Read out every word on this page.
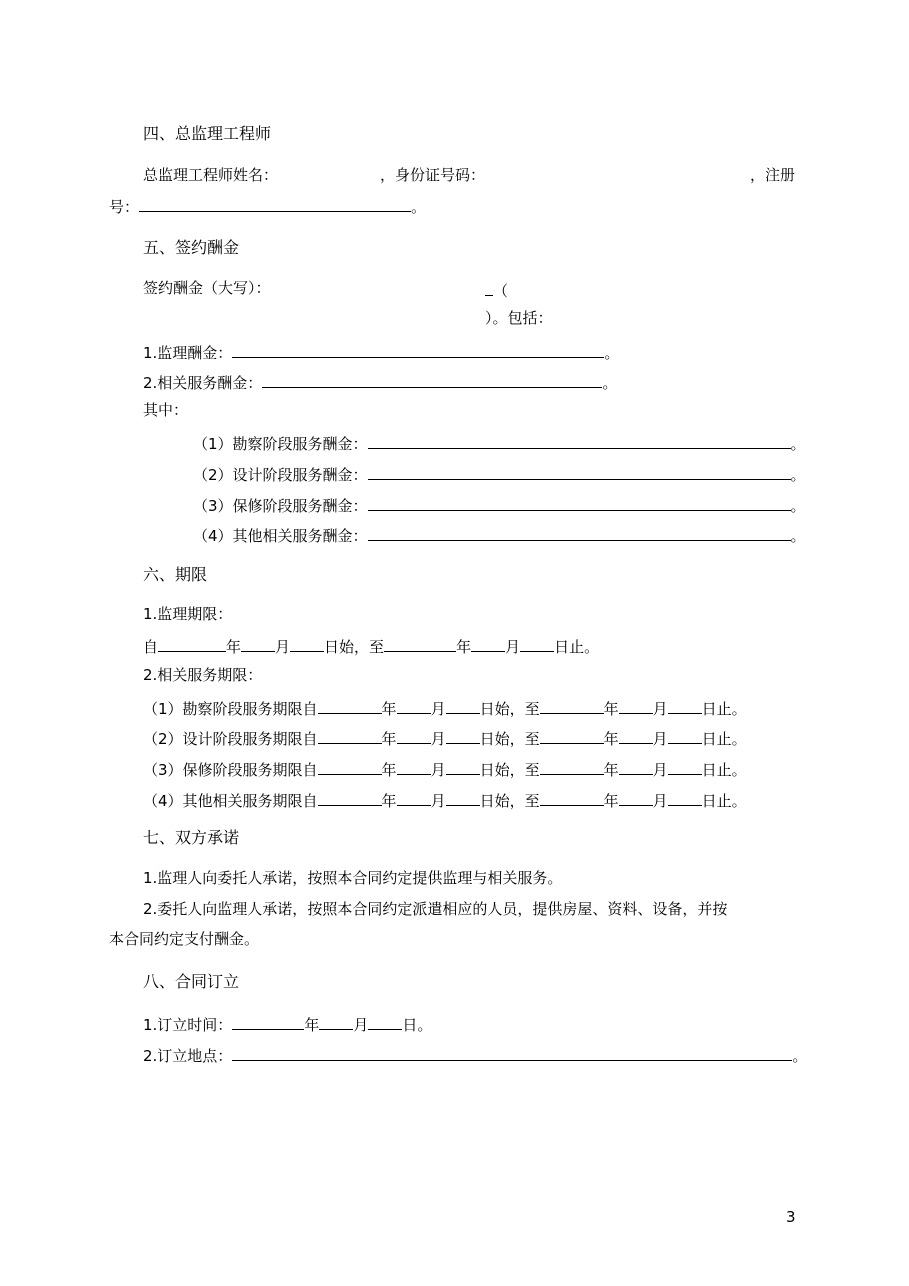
四、总监理工程师
总监理工程师姓名：	，身份证号码：	，注册
号：	。
五、签约酬金
签约酬金（大写）：	（
）。包括：
1.监理酬金：	。
2.相关服务酬金：	。
其中：
（1）勘察阶段服务酬金：	。
（2）设计阶段服务酬金：	。
（3）保修阶段服务酬金：	。
（4）其他相关服务酬金：	。
六、期限
1.监理期限：
自	年 月 日始，至	年 月 日止。
2.相关服务期限：
（1）勘察阶段服务期限自	年 月 日始，至	年 月 日止。
（2）设计阶段服务期限自	年 月 日始，至	年 月 日止。
（3）保修阶段服务期限自	年 月 日始，至	年 月 日止。
（4）其他相关服务期限自	年 月 日始，至	年 月 日止。
七、双方承诺
1.监理人向委托人承诺，按照本合同约定提供监理与相关服务。
2.委托人向监理人承诺，按照本合同约定派遣相应的人员，提供房屋、资料、设备，并按
本合同约定支付酬金。
八、合同订立
1.订立时间：	年 月 日。
2.订立地点：	。
3
